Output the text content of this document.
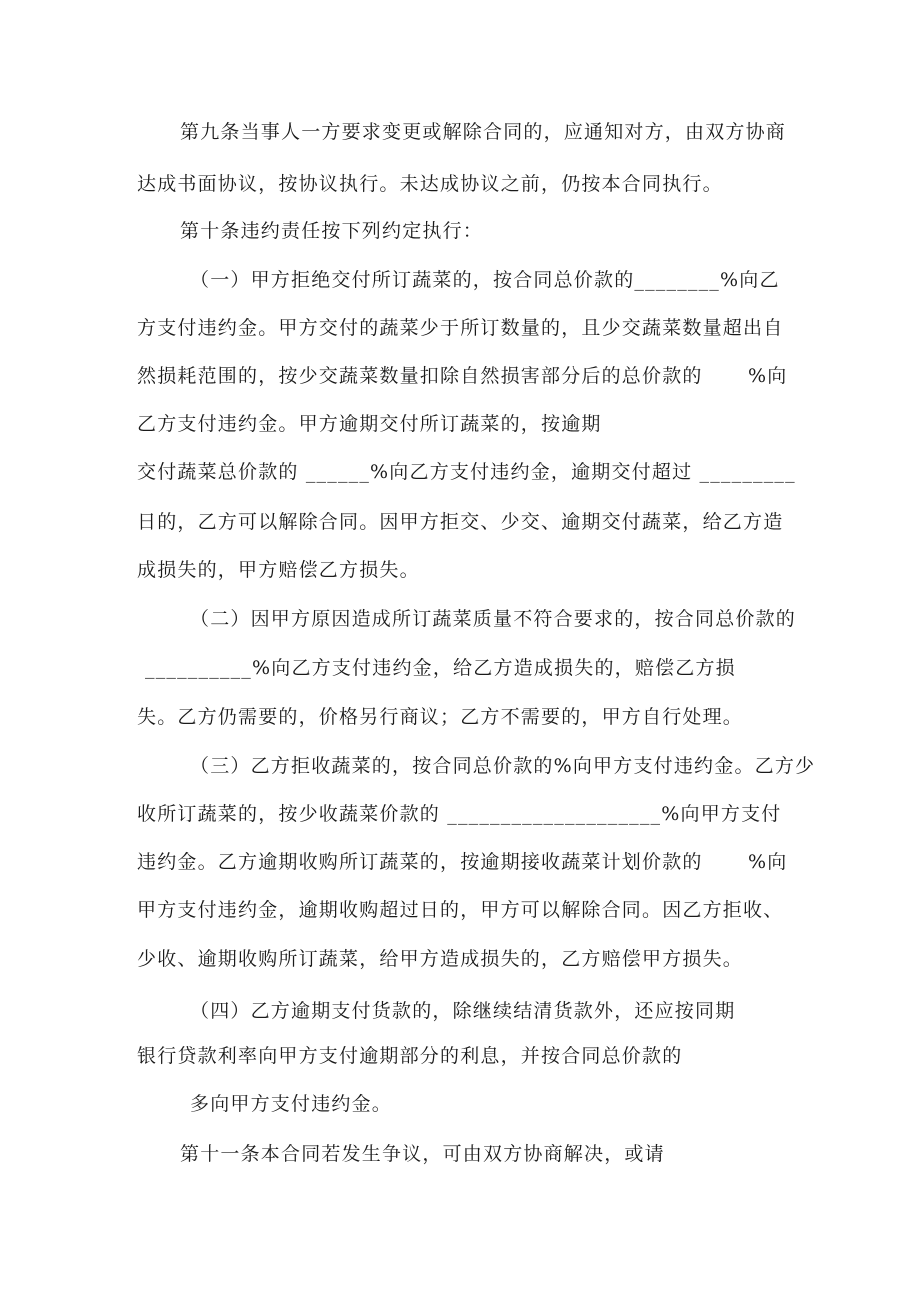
第九条当事人一方要求变更或解除合同的，应通知对方，由双方协商
达成书面协议，按协议执行。未达成协议之前，仍按本合同执行。
第十条违约责任按下列约定执行：
（一）甲方拒绝交付所订蔬菜的，按合同总价款的________%向乙
方支付违约金。甲方交付的蔬菜少于所订数量的，且少交蔬菜数量超出自
然损耗范围的，按少交蔬菜数量扣除自然损害部分后的总价款的 %向
乙方支付违约金。甲方逾期交付所订蔬菜的，按逾期
交付蔬菜总价款的 ______%向乙方支付违约金，逾期交付超过 _________
日的，乙方可以解除合同。因甲方拒交、少交、逾期交付蔬菜，给乙方造
成损失的，甲方赔偿乙方损失。
（二）因甲方原因造成所订蔬菜质量不符合要求的，按合同总价款的
__________%向乙方支付违约金，给乙方造成损失的，赔偿乙方损
失。乙方仍需要的，价格另行商议；乙方不需要的，甲方自行处理。
（三）乙方拒收蔬菜的，按合同总价款的%向甲方支付违约金。乙方少
收所订蔬菜的，按少收蔬菜价款的 ____________________%向甲方支付
违约金。乙方逾期收购所订蔬菜的，按逾期接收蔬菜计划价款的 %向
甲方支付违约金，逾期收购超过日的，甲方可以解除合同。因乙方拒收、
少收、逾期收购所订蔬菜，给甲方造成损失的，乙方赔偿甲方损失。
（四）乙方逾期支付货款的，除继续结清货款外，还应按同期
银行贷款利率向甲方支付逾期部分的利息，并按合同总价款的
多向甲方支付违约金。
第十一条本合同若发生争议，可由双方协商解决，或请
